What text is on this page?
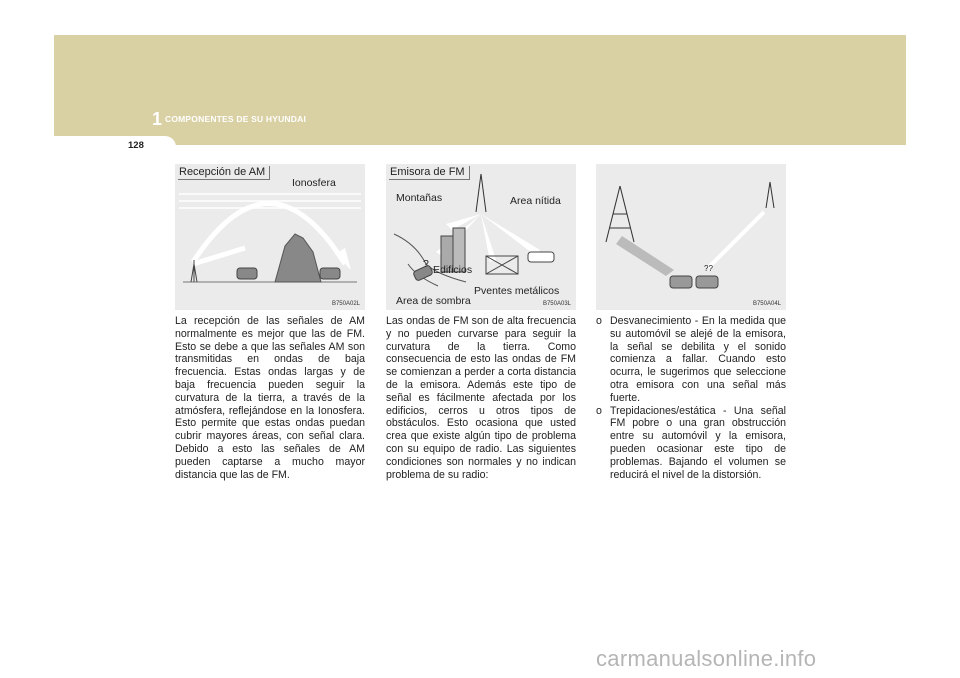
1 COMPONENTES DE SU HYUNDAI
128
Recepción de AM
Ionosfera
B750A02L
Emisora de FM
Montañas	Area nítida
? Edificios
Pventes metálicos
Area de sombra	B750A03L
??
B750A04L
La recepción de las señales de AM normalmente es mejor que las de FM. Esto se debe a que las señales AM son transmitidas en ondas de baja frecuencia. Estas ondas largas y de baja frecuencia pueden seguir la curvatura de la tierra, a través de la atmósfera, reflejándose en la Ionosfera. Esto permite que estas ondas puedan cubrir mayores áreas, con señal clara. Debido a esto las señales de AM pueden captarse a mucho mayor distancia que las de FM.
Las ondas de FM son de alta frecuencia y no pueden curvarse para seguir la curvatura de la tierra. Como consecuencia de esto las ondas de FM se comienzan a perder a corta distancia de la emisora. Además este tipo de señal es fácilmente afectada por los edificios, cerros u otros tipos de obstáculos. Esto ocasiona que usted crea que existe algún tipo de problema con su equipo de radio. Las siguientes condiciones son normales y no indican problema de su radio:
o Desvanecimiento - En la medida que su automóvil se alejé de la emisora, la señal se debilita y el sonido comienza a fallar. Cuando esto ocurra, le sugerimos que seleccione otra emisora con una señal más fuerte.
o Trepidaciones/estática - Una señal FM pobre o una gran obstrucción entre su automóvil y la emisora, pueden ocasionar este tipo de problemas. Bajando el volumen se reducirá el nivel de la distorsión.
carmanualsonline.info
